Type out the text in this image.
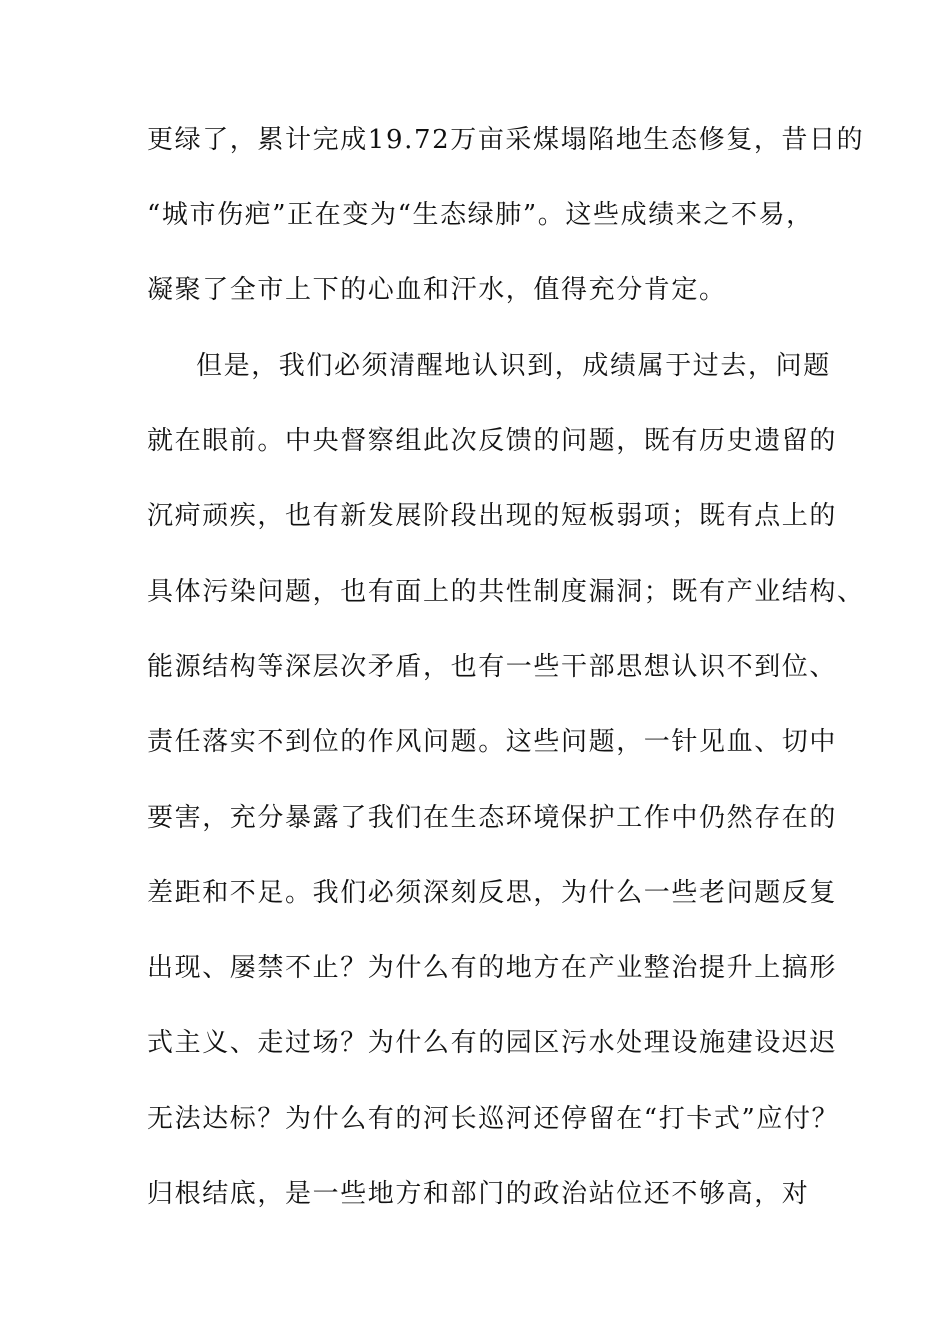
更绿了，累计完成19.72万亩采煤塌陷地生态修复，昔日的
“城市伤疤”正在变为“生态绿肺”。这些成绩来之不易，
凝聚了全市上下的心血和汗水，值得充分肯定。
但是，我们必须清醒地认识到，成绩属于过去，问题
就在眼前。中央督察组此次反馈的问题，既有历史遗留的
沉疴顽疾，也有新发展阶段出现的短板弱项；既有点上的
具体污染问题，也有面上的共性制度漏洞；既有产业结构、
能源结构等深层次矛盾，也有一些干部思想认识不到位、
责任落实不到位的作风问题。这些问题，一针见血、切中
要害，充分暴露了我们在生态环境保护工作中仍然存在的
差距和不足。我们必须深刻反思，为什么一些老问题反复
出现、屡禁不止？为什么有的地方在产业整治提升上搞形
式主义、走过场？为什么有的园区污水处理设施建设迟迟
无法达标？为什么有的河长巡河还停留在“打卡式”应付？
归根结底，是一些地方和部门的政治站位还不够高，对
